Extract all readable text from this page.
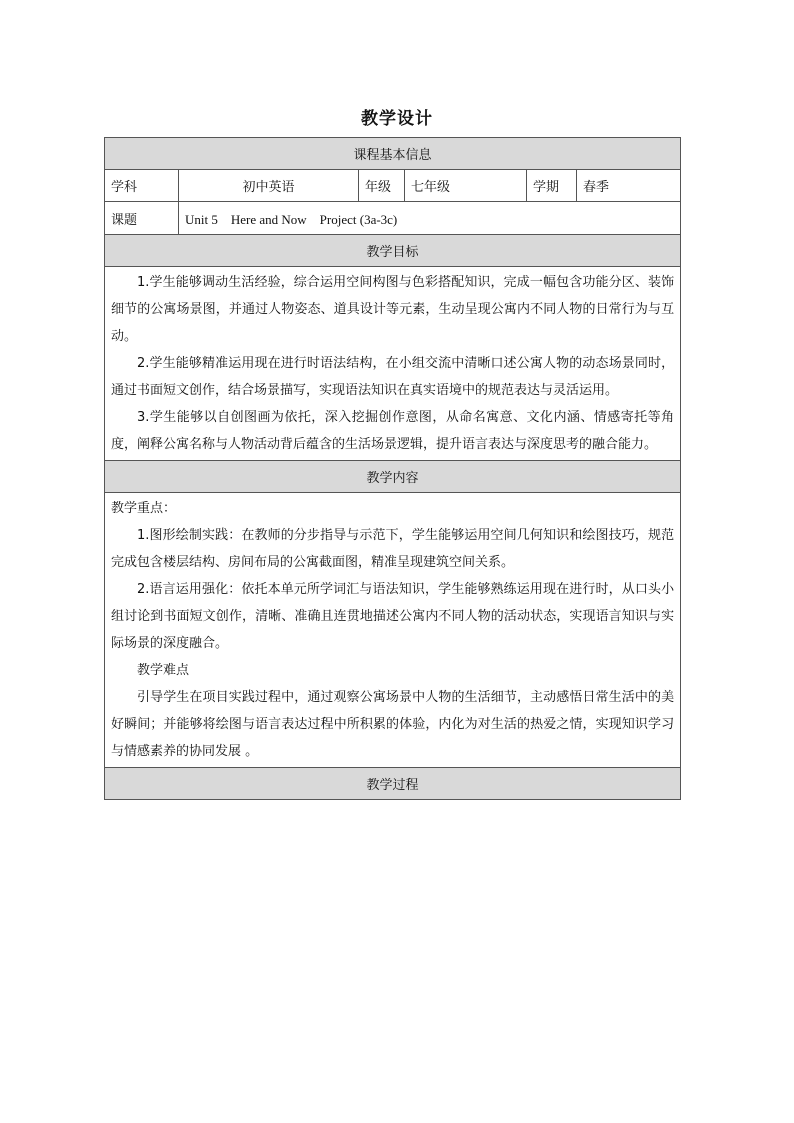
教学设计
课程基本信息					
学科	初中英语	年级	七年级	学期	春季
课题	Unit 5　Here and Now　Project (3a-3c)				
教学目标					

1.学生能够调动生活经验，综合运用空间构图与色彩搭配知识，完成一幅包含功能分区、装饰细节的公寓场景图，并通过人物姿态、道具设计等元素，生动呈现公寓内不同人物的日常行为与互动。

2.学生能够精准运用现在进行时语法结构，在小组交流中清晰口述公寓人物的动态场景同时，通过书面短文创作，结合场景描写，实现语法知识在真实语境中的规范表达与灵活运用。

3.学生能够以自创图画为依托，深入挖掘创作意图，从命名寓意、文化内涵、情感寄托等角度，阐释公寓名称与人物活动背后蕴含的生活场景逻辑，提升语言表达与深度思考的融合能力。					

教学内容					

教学重点：

1.图形绘制实践：在教师的分步指导与示范下，学生能够运用空间几何知识和绘图技巧，规范完成包含楼层结构、房间布局的公寓截面图，精准呈现建筑空间关系。

2.语言运用强化：依托本单元所学词汇与语法知识，学生能够熟练运用现在进行时，从口头小组讨论到书面短文创作，清晰、准确且连贯地描述公寓内不同人物的活动状态，实现语言知识与实际场景的深度融合。

教学难点

引导学生在项目实践过程中，通过观察公寓场景中人物的生活细节，主动感悟日常生活中的美好瞬间；并能够将绘图与语言表达过程中所积累的体验，内化为对生活的热爱之情，实现知识学习与情感素养的协同发展 。					

教学过程					
